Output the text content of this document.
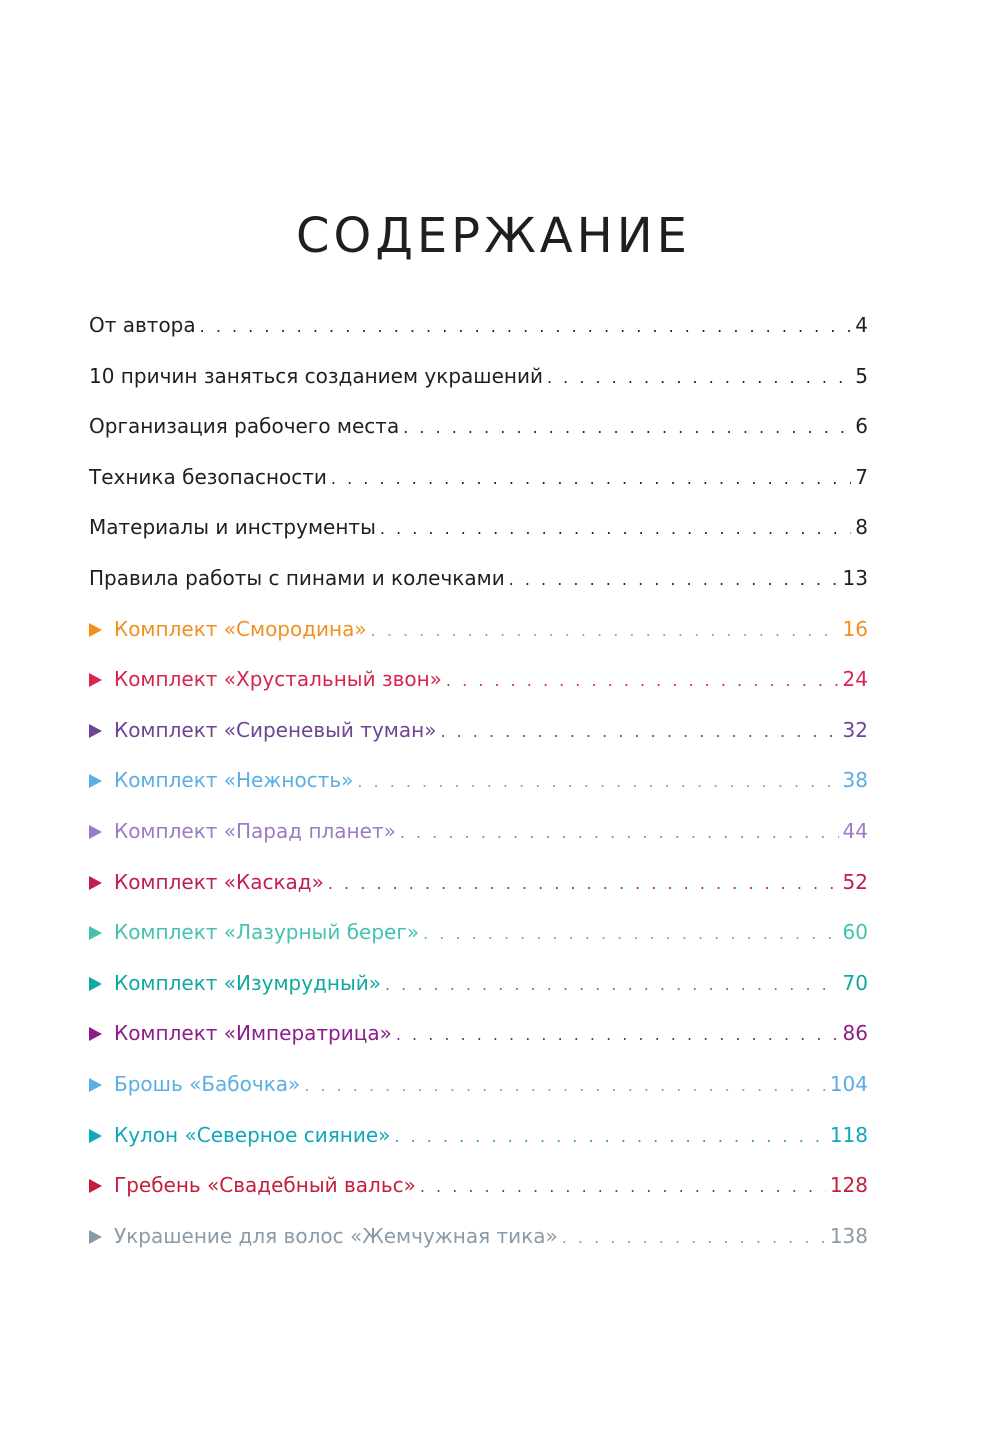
СОДЕРЖАНИЕ
От автора . . .	4
10 причин заняться созданием украшений . . .	5
Организация рабочего места . . .	6
Техника безопасности . . .	7
Материалы и инструменты . . .	8
Правила работы с пинами и колечками . . .	13
Комплект «Смородина» . . .	16
Комплект «Хрустальный звон» . . .	24
Комплект «Сиреневый туман» . . .	32
Комплект «Нежность» . . .	38
Комплект «Парад планет» . . .	44
Комплект «Каскад» . . .	52
Комплект «Лазурный берег» . . .	60
Комплект «Изумрудный» . . .	70
Комплект «Императрица» . . .	86
Брошь «Бабочка» . . .	104
Кулон «Северное сияние» . . .	118
Гребень «Свадебный вальс» . . .	128
Украшение для волос «Жемчужная тика» . . .	138
